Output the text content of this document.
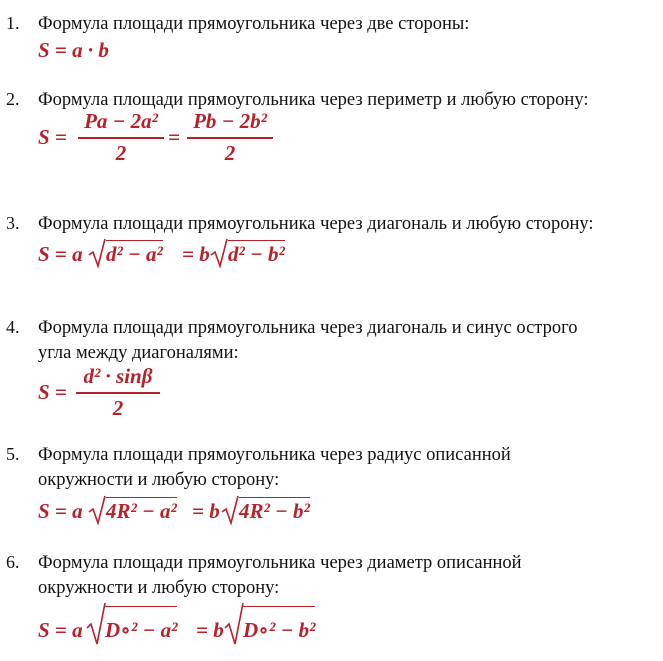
1. Формула площади прямоугольника через две стороны:
S = a · b
2. Формула площади прямоугольника через периметр и любую сторону:
S =
Pa − 2a²
2
=
Pb − 2b²
2
3. Формула площади прямоугольника через диагональ и любую сторону:
S = a d² − a² = b d² − b²
4. Формула площади прямоугольника через диагональ и синус острого
угла между диагоналями:
S =
d² · sinβ
2
5. Формула площади прямоугольника через радиус описанной
окружности и любую сторону:
S = a 4R² − a² = b 4R² − b²
6. Формула площади прямоугольника через диаметр описанной
окружности и любую сторону:
S = a D∘² − a² = b D∘² − b²
